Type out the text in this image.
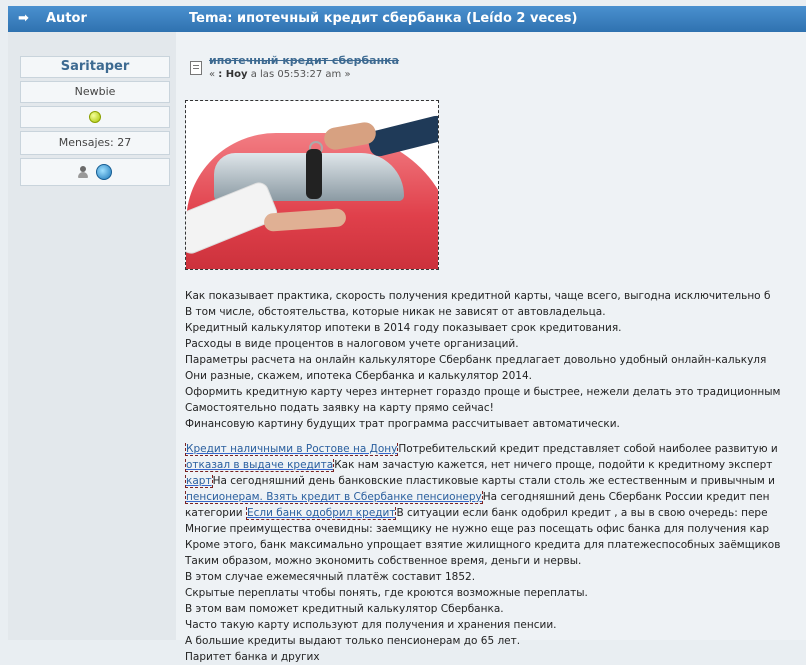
➡ Autor	Tema: ипотечный кредит сбербанка (Leído 2 veces)
Saritaper
Newbie
Mensajes: 27
ипотечный кредит сбербанка
« : Hoy a las 05:53:27 am »
Как показывает практика, скорость получения кредитной карты, чаще всего, выгодна исключительно б
В том числе, обстоятельства, которые никак не зависят от автовладельца.
Кредитный калькулятор ипотеки в 2014 году показывает срок кредитования.
Расходы в виде процентов в налоговом учете организаций.
Параметры расчета на онлайн калькуляторе Сбербанк предлагает довольно удобный онлайн-калькуля
Они разные, скажем, ипотека Сбербанка и калькулятор 2014.
Оформить кредитную карту через интернет гораздо проще и быстрее, нежели делать это традиционным
Самостоятельно подать заявку на карту прямо сейчас!
Финансовую картину будущих трат программа рассчитывает автоматически.
Кредит наличными в Ростове на ДонуПотребительский кредит представляет собой наиболее развитую и
отказал в выдаче кредитаКак нам зачастую кажется, нет ничего проще, подойти к кредитному эксперт
картНа сегодняшний день банковские пластиковые карты стали столь же естественным и привычным и
пенсионерам. Взять кредит в Сбербанке пенсионеруНа сегодняшний день Сбербанк России кредит пен
категории Если банк одобрил кредитВ ситуации если банк одобрил кредит , а вы в свою очередь: пере
Многие преимущества очевидны: заемщику не нужно еще раз посещать офис банка для получения кар
Кроме этого, банк максимально упрощает взятие жилищного кредита для платежеспособных заёмщиков
Таким образом, можно экономить собственное время, деньги и нервы.
В этом случае ежемесячный платёж составит 1852.
Скрытые переплаты чтобы понять, где кроются возможные переплаты.
В этом вам поможет кредитный калькулятор Сбербанка.
Часто такую карту используют для получения и хранения пенсии.
А большие кредиты выдают только пенсионерам до 65 лет.
Паритет банка и других
